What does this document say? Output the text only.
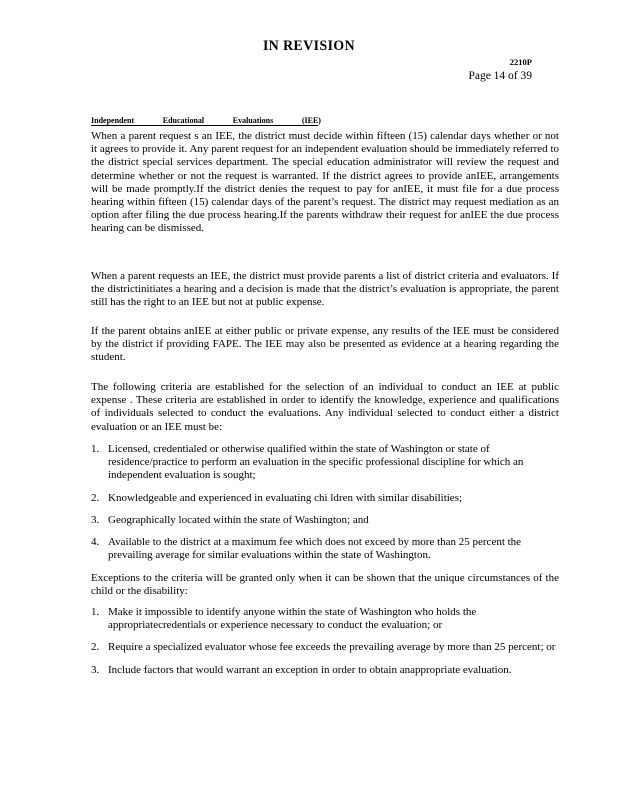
IN REVISION
2210P
Page 14 of 39
Independent	Educational	Evaluations	(IEE)

When a parent request s an IEE, the district must decide within fifteen (15) calendar days whether or not it agrees to provide it. Any parent request for an independent evaluation should be immediately referred to the district special services department. The special education administrator will review the request and determine whether or not the request is warranted. If the district agrees to provide anIEE, arrangements will be made promptly.If the district denies the request to pay for anIEE, it must file for a due process hearing within fifteen (15) calendar days of the parent’s request. The district may request mediation as an option after filing the due process hearing.If the parents withdraw their request for anIEE the due process hearing can be dismissed.

When a parent requests an IEE, the district must provide parents a list of district criteria and evaluators. If the districtinitiates a hearing and a decision is made that the district’s evaluation is appropriate, the parent still has the right to an IEE but not at public expense.

If the parent obtains anIEE at either public or private expense, any results of the IEE must be considered by the district if providing FAPE. The IEE may also be presented as evidence at a hearing regarding the student.

The following criteria are established for the selection of an individual to conduct an IEE at public expense . These criteria are established in order to identify the knowledge, experience and qualifications of individuals selected to conduct the evaluations. Any individual selected to conduct either a district evaluation or an IEE must be:

1. Licensed, credentialed or otherwise qualified within the state of Washington or state of residence/practice to perform an evaluation in the specific professional discipline for which an independent evaluation is sought;
2. Knowledgeable and experienced in evaluating chi ldren with similar disabilities;
3. Geographically located within the state of Washington; and
4. Available to the district at a maximum fee which does not exceed by more than 25 percent the prevailing average for similar evaluations within the state of Washington.

Exceptions to the criteria will be granted only when it can be shown that the unique circumstances of the child or the disability:

1. Make it impossible to identify anyone within the state of Washington who holds the appropriatecredentials or experience necessary to conduct the evaluation; or
2. Require a specialized evaluator whose fee exceeds the prevailing average by more than 25 percent; or
3. Include factors that would warrant an exception in order to obtain anappropriate evaluation.
